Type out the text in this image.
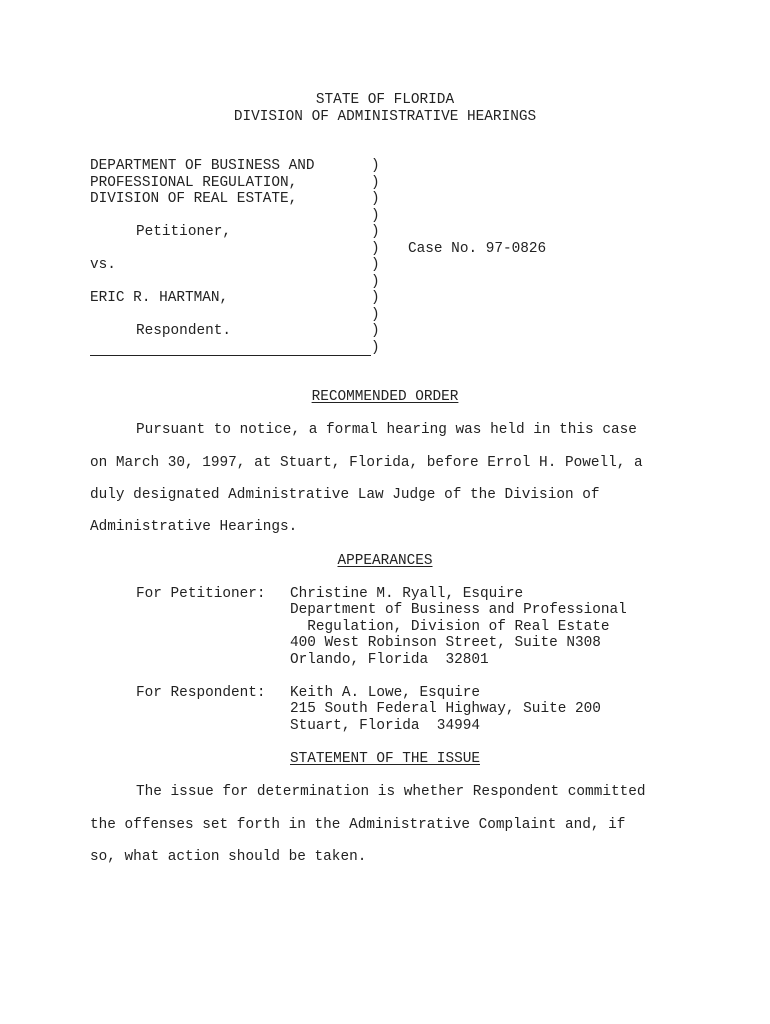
STATE OF FLORIDA
DIVISION OF ADMINISTRATIVE HEARINGS
DEPARTMENT OF BUSINESS AND
PROFESSIONAL REGULATION,
DIVISION OF REAL ESTATE,
Petitioner,
vs.
ERIC R. HARTMAN,
Respondent.
)
)
)
)
)
)
)
)
)
)
)
)
Case No. 97-0826
RECOMMENDED ORDER
Pursuant to notice, a formal hearing was held in this case
on March 30, 1997, at Stuart, Florida, before Errol H. Powell, a
duly designated Administrative Law Judge of the Division of
Administrative Hearings.
APPEARANCES
For Petitioner: Christine M. Ryall, Esquire
Department of Business and Professional
Regulation, Division of Real Estate
400 West Robinson Street, Suite N308
Orlando, Florida  32801
For Respondent: Keith A. Lowe, Esquire
215 South Federal Highway, Suite 200
Stuart, Florida  34994
STATEMENT OF THE ISSUE
The issue for determination is whether Respondent committed
the offenses set forth in the Administrative Complaint and, if
so, what action should be taken.
